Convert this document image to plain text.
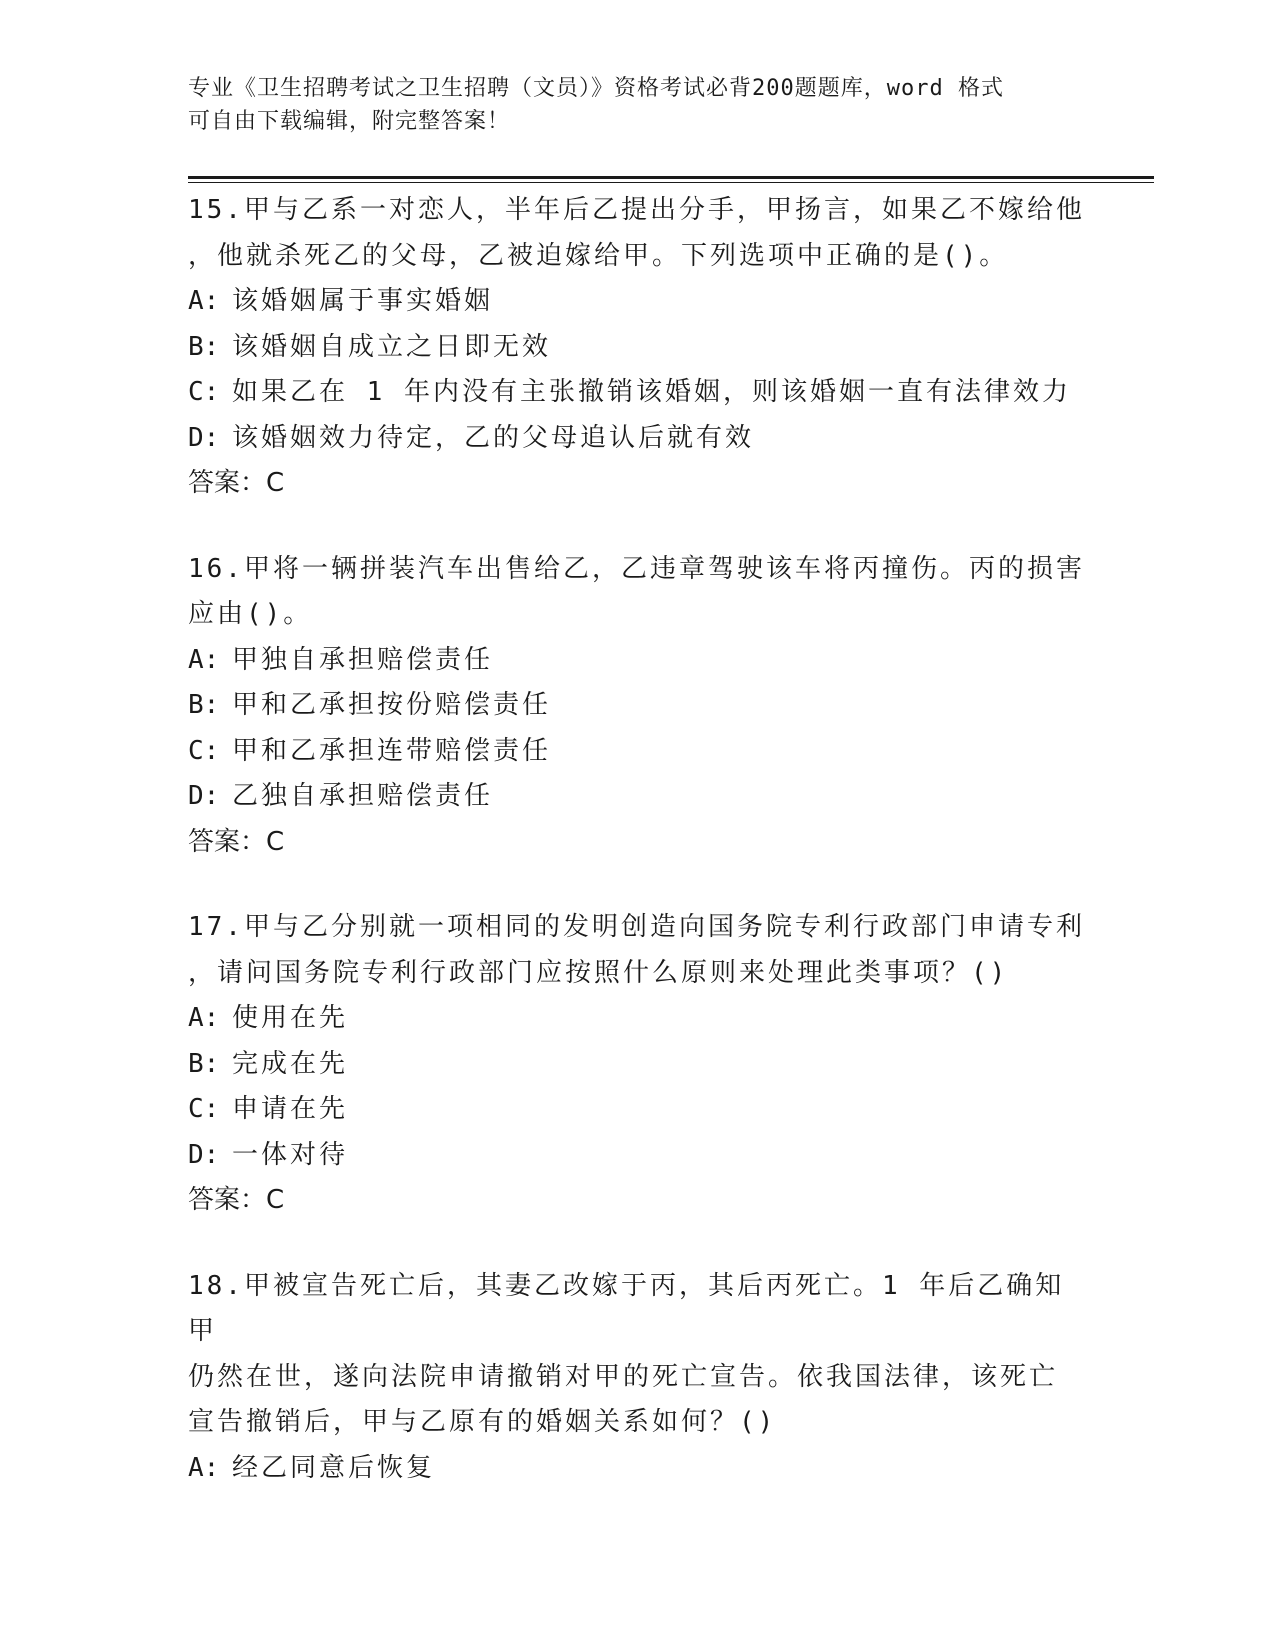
专业《卫生招聘考试之卫生招聘（文员）》资格考试必背200题题库，word 格式
可自由下载编辑，附完整答案！
15.甲与乙系一对恋人，半年后乙提出分手，甲扬言，如果乙不嫁给他
，他就杀死乙的父母，乙被迫嫁给甲。下列选项中正确的是()。
A: 该婚姻属于事实婚姻
B: 该婚姻自成立之日即无效
C: 如果乙在 1 年内没有主张撤销该婚姻，则该婚姻一直有法律效力
D: 该婚姻效力待定，乙的父母追认后就有效
答案：C
16.甲将一辆拼装汽车出售给乙，乙违章驾驶该车将丙撞伤。丙的损害
应由()。
A: 甲独自承担赔偿责任
B: 甲和乙承担按份赔偿责任
C: 甲和乙承担连带赔偿责任
D: 乙独自承担赔偿责任
答案：C
17.甲与乙分别就一项相同的发明创造向国务院专利行政部门申请专利
，请问国务院专利行政部门应按照什么原则来处理此类事项？()
A: 使用在先
B: 完成在先
C: 申请在先
D: 一体对待
答案：C
18.甲被宣告死亡后，其妻乙改嫁于丙，其后丙死亡。1 年后乙确知甲
仍然在世，遂向法院申请撤销对甲的死亡宣告。依我国法律，该死亡
宣告撤销后，甲与乙原有的婚姻关系如何？()
A: 经乙同意后恢复
